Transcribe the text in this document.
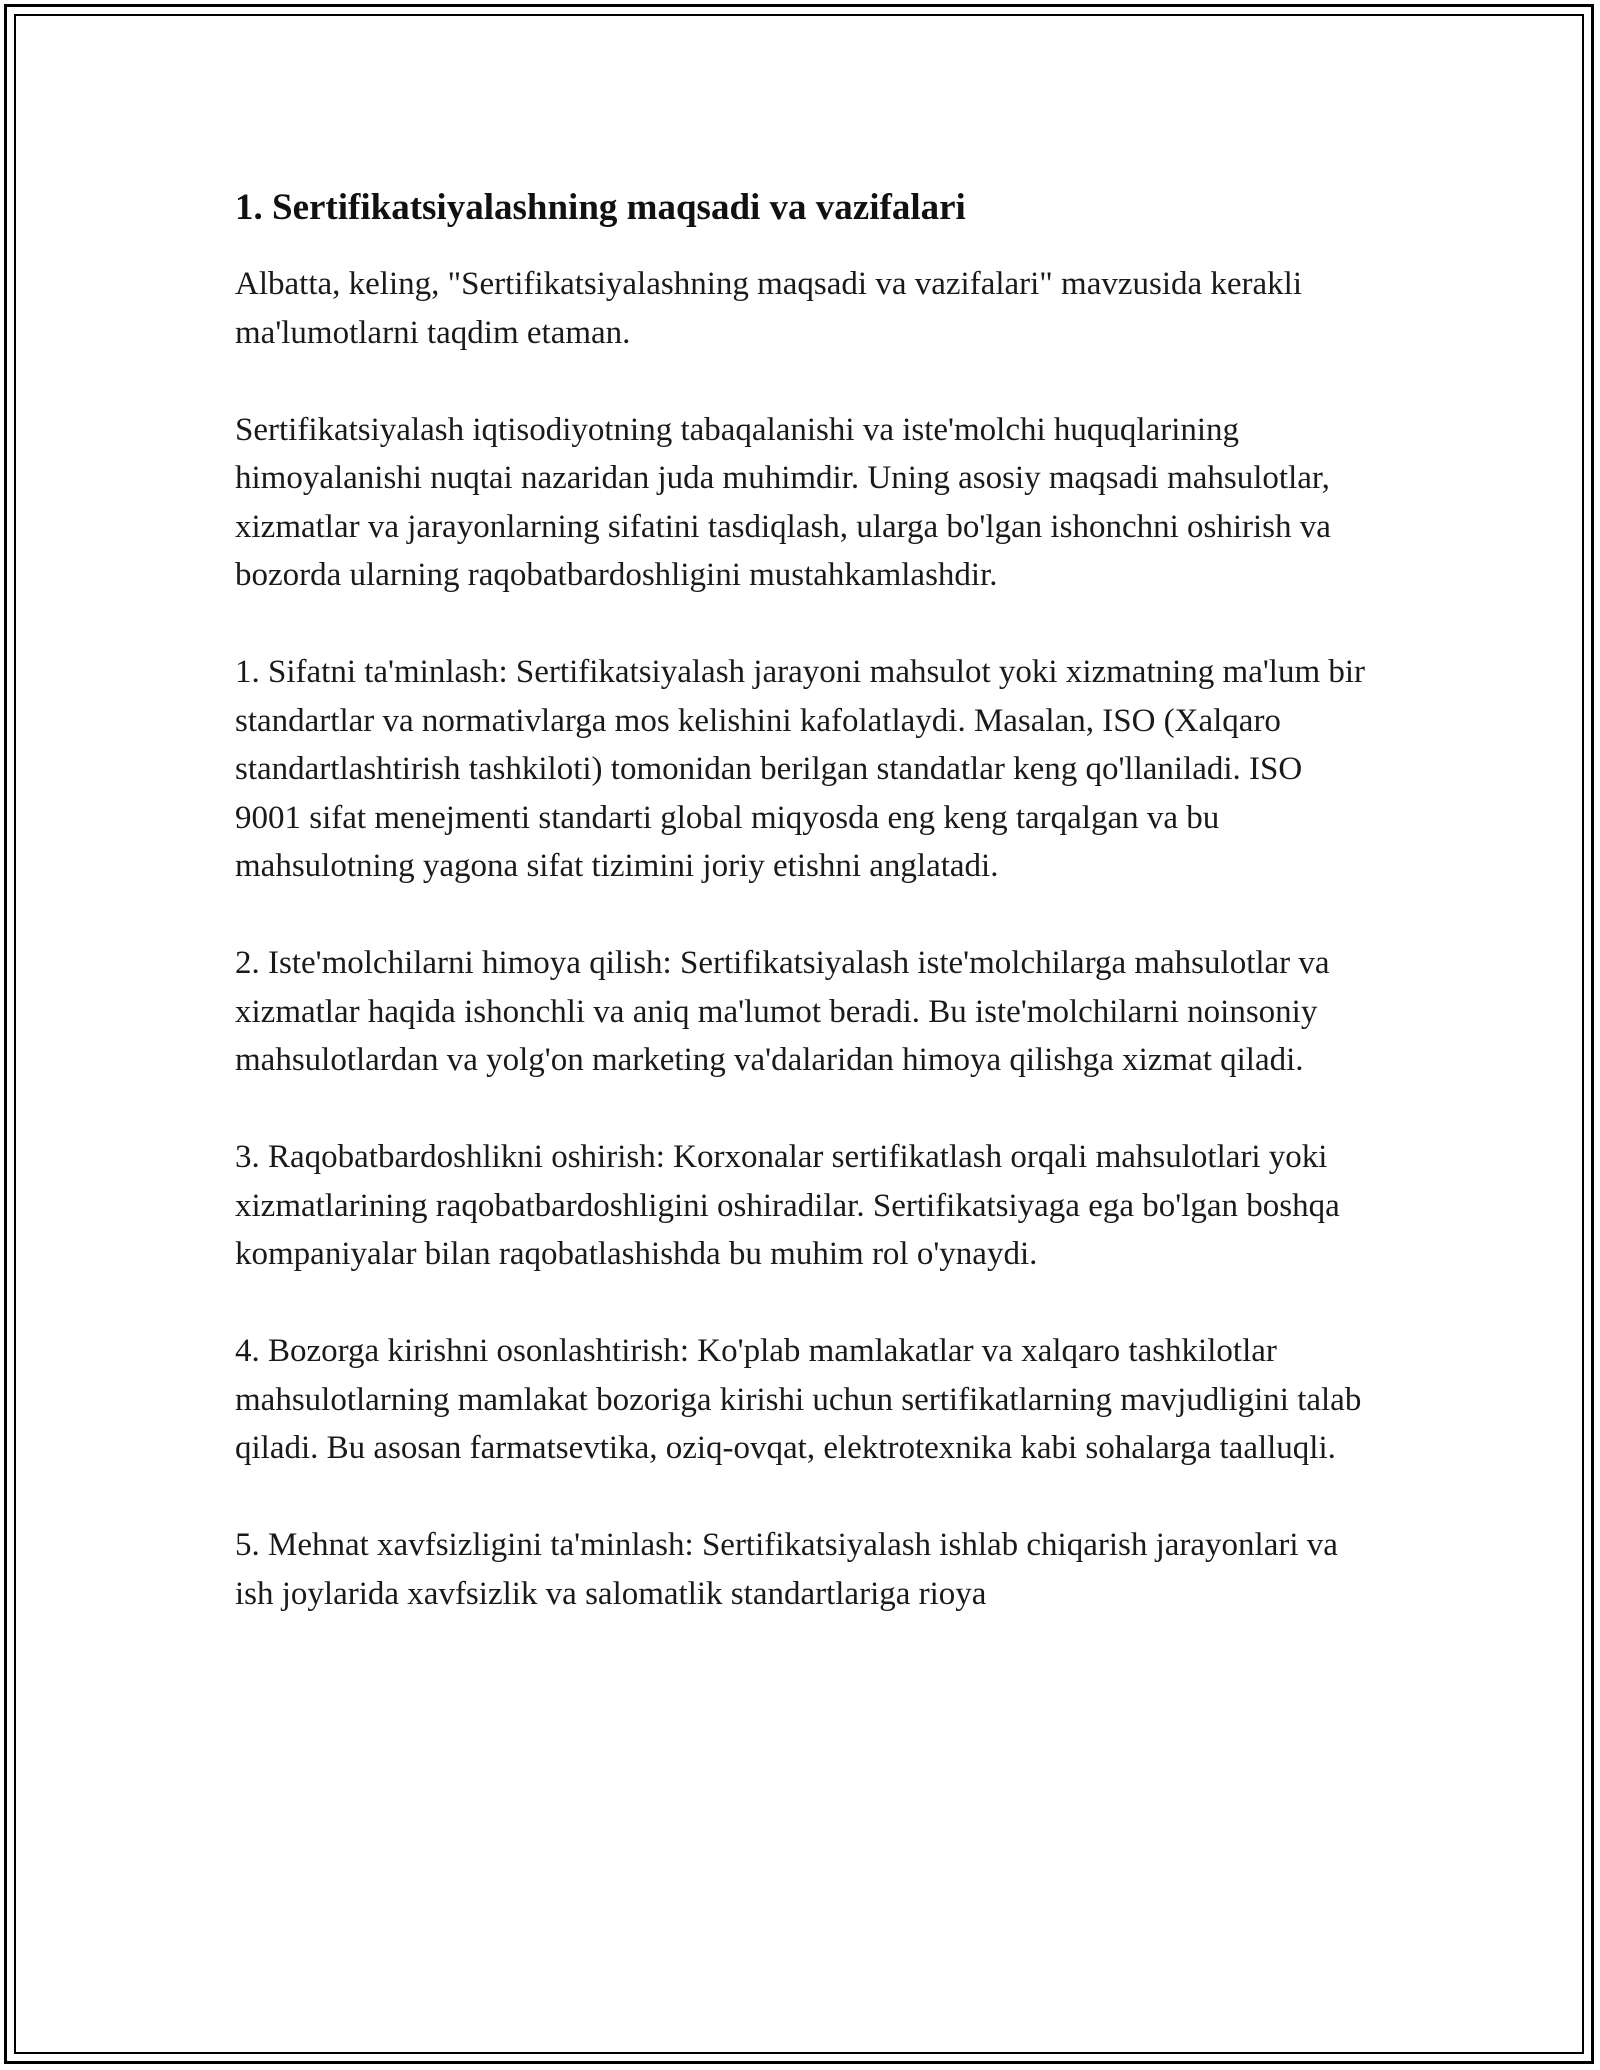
1. Sertifikatsiyalashning maqsadi va vazifalari

Albatta, keling, "Sertifikatsiyalashning maqsadi va vazifalari" mavzusida kerakli ma'lumotlarni taqdim etaman.

Sertifikatsiyalash iqtisodiyotning tabaqalanishi va iste'molchi huquqlarining himoyalanishi nuqtai nazaridan juda muhimdir. Uning asosiy maqsadi mahsulotlar, xizmatlar va jarayonlarning sifatini tasdiqlash, ularga bo'lgan ishonchni oshirish va bozorda ularning raqobatbardoshligini mustahkamlashdir.

1. Sifatni ta'minlash: Sertifikatsiyalash jarayoni mahsulot yoki xizmatning ma'lum bir standartlar va normativlarga mos kelishini kafolatlaydi. Masalan, ISO (Xalqaro standartlashtirish tashkiloti) tomonidan berilgan standatlar keng qo'llaniladi. ISO 9001 sifat menejmenti standarti global miqyosda eng keng tarqalgan va bu mahsulotning yagona sifat tizimini joriy etishni anglatadi.

2. Iste'molchilarni himoya qilish: Sertifikatsiyalash iste'molchilarga mahsulotlar va xizmatlar haqida ishonchli va aniq ma'lumot beradi. Bu iste'molchilarni noinsoniy mahsulotlardan va yolg'on marketing va'dalaridan himoya qilishga xizmat qiladi.

3. Raqobatbardoshlikni oshirish: Korxonalar sertifikatlash orqali mahsulotlari yoki xizmatlarining raqobatbardoshligini oshiradilar. Sertifikatsiyaga ega bo'lgan boshqa kompaniyalar bilan raqobatlashishda bu muhim rol o'ynaydi.

4. Bozorga kirishni osonlashtirish: Ko'plab mamlakatlar va xalqaro tashkilotlar mahsulotlarning mamlakat bozoriga kirishi uchun sertifikatlarning mavjudligini talab qiladi. Bu asosan farmatsevtika, oziq-ovqat, elektrotexnika kabi sohalarga taalluqli.

5. Mehnat xavfsizligini ta'minlash: Sertifikatsiyalash ishlab chiqarish jarayonlari va ish joylarida xavfsizlik va salomatlik standartlariga rioya
